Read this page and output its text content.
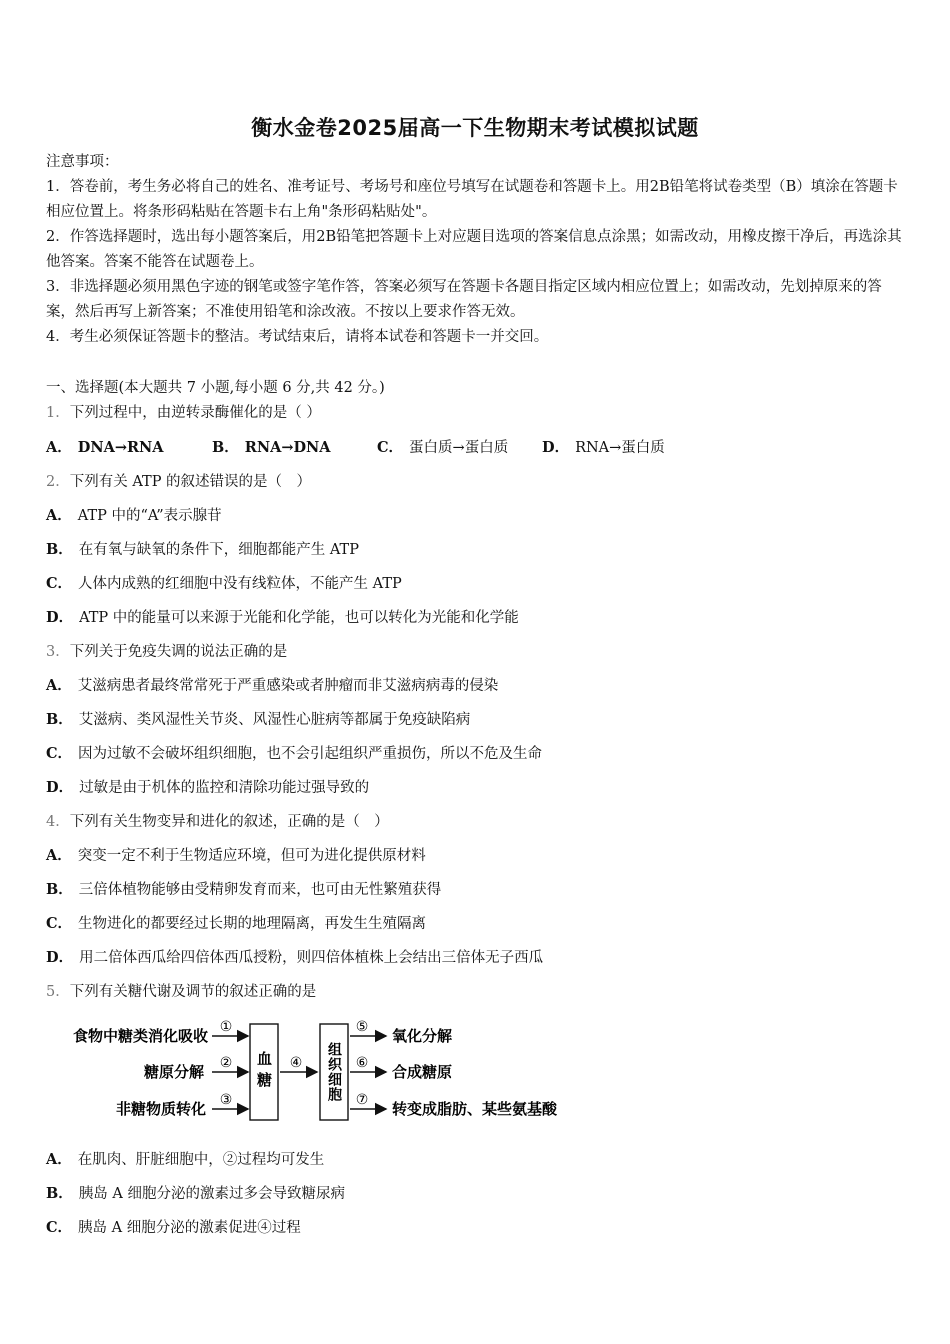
衡水金卷2025届高一下生物期末考试模拟试题

注意事项：

1．答卷前，考生务必将自己的姓名、准考证号、考场号和座位号填写在试题卷和答题卡上。用2B铅笔将试卷类型（B）填涂在答题卡相应位置上。将条形码粘贴在答题卡右上角"条形码粘贴处"。

2．作答选择题时，选出每小题答案后，用2B铅笔把答题卡上对应题目选项的答案信息点涂黑；如需改动，用橡皮擦干净后，再选涂其他答案。答案不能答在试题卷上。

3．非选择题必须用黑色字迹的钢笔或签字笔作答，答案必须写在答题卡各题目指定区域内相应位置上；如需改动，先划掉原来的答案，然后再写上新答案；不准使用铅笔和涂改液。不按以上要求作答无效。

4．考生必须保证答题卡的整洁。考试结束后，请将本试卷和答题卡一并交回。

一、选择题(本大题共 7 小题,每小题 6 分,共 42 分。)
1．下列过程中，由逆转录酶催化的是（ ）
A． DNA→RNA	B． RNA→DNA	C． 蛋白质→蛋白质 D． RNA→蛋白质
2．下列有关 ATP 的叙述错误的是（　）
A． ATP 中的“A”表示腺苷
B． 在有氧与缺氧的条件下，细胞都能产生 ATP
C． 人体内成熟的红细胞中没有线粒体，不能产生 ATP
D． ATP 中的能量可以来源于光能和化学能，也可以转化为光能和化学能
3．下列关于免疫失调的说法正确的是
A． 艾滋病患者最终常常死于严重感染或者肿瘤而非艾滋病病毒的侵染
B． 艾滋病、类风湿性关节炎、风湿性心脏病等都属于免疫缺陷病
C． 因为过敏不会破坏组织细胞，也不会引起组织严重损伤，所以不危及生命
D． 过敏是由于机体的监控和清除功能过强导致的
4．下列有关生物变异和进化的叙述，正确的是（　）
A． 突变一定不利于生物适应环境，但可为进化提供原材料
B． 三倍体植物能够由受精卵发育而来，也可由无性繁殖获得
C． 生物进化的都要经过长期的地理隔离，再发生生殖隔离
D． 用二倍体西瓜给四倍体西瓜授粉，则四倍体植株上会结出三倍体无子西瓜
5．下列有关糖代谢及调节的叙述正确的是
食物中糖类消化吸收
糖原分解
非糖物质转化
①
②
③
血糖 ④ 组织细胞
⑤
⑥
⑦
氧化分解
合成糖原
转变成脂肪、某些氨基酸
A． 在肌肉、肝脏细胞中，②过程均可发生
B． 胰岛 A 细胞分泌的激素过多会导致糖尿病
C． 胰岛 A 细胞分泌的激素促进④过程
